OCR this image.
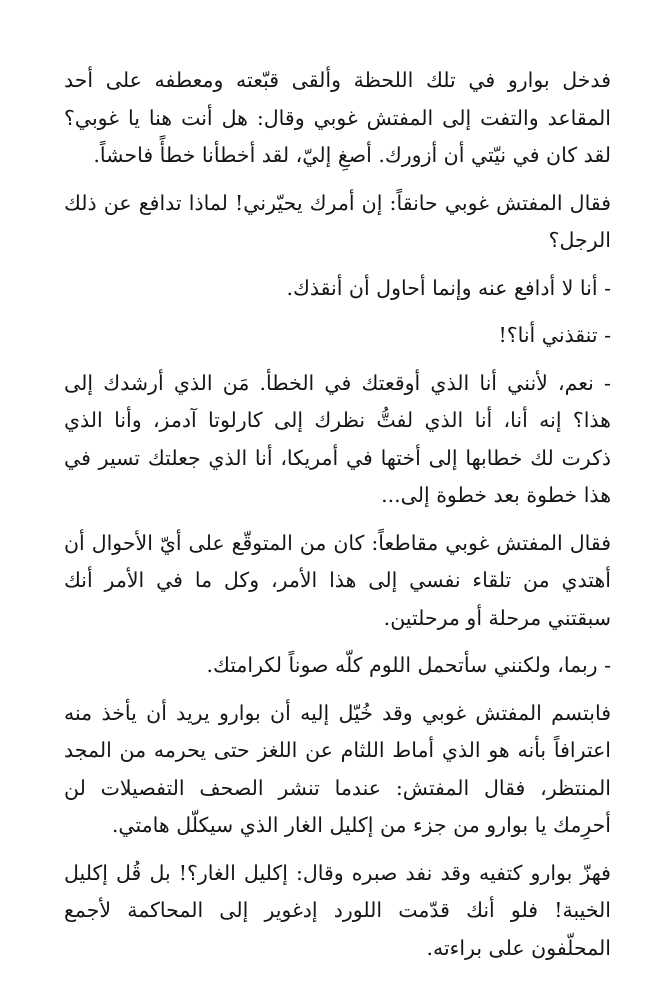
فدخل بوارو في تلك اللحظة وألقى قبّعته ومعطفه على أحد المقاعد والتفت إلى المفتش غوبي وقال: هل أنت هنا يا غوبي؟ لقد كان في نيّتي أن أزورك. أصغِ إليّ، لقد أخطأنا خطأً فاحشاً.

فقال المفتش غوبي حانقاً: إن أمرك يحيّرني! لماذا تدافع عن ذلك الرجل؟

- أنا لا أدافع عنه وإنما أحاول أن أنقذك.

- تنقذني أنا؟!

- نعم، لأنني أنا الذي أوقعتك في الخطأ. مَن الذي أرشدك إلى هذا؟ إنه أنا، أنا الذي لفتُّ نظرك إلى كارلوتا آدمز، وأنا الذي ذكرت لك خطابها إلى أختها في أمريكا، أنا الذي جعلتك تسير في هذا خطوة بعد خطوة إلى...

فقال المفتش غوبي مقاطعاً: كان من المتوقّع على أيّ الأحوال أن أهتدي من تلقاء نفسي إلى هذا الأمر، وكل ما في الأمر أنك سبقتني مرحلة أو مرحلتين.

- ربما، ولكنني سأتحمل اللوم كلّه صوناً لكرامتك.

فابتسم المفتش غوبي وقد خُيّل إليه أن بوارو يريد أن يأخذ منه اعترافاً بأنه هو الذي أماط اللثام عن اللغز حتى يحرمه من المجد المنتظر، فقال المفتش: عندما تنشر الصحف التفصيلات لن أحرِمك يا بوارو من جزء من إكليل الغار الذي سيكلّل هامتي.

فهزّ بوارو كتفيه وقد نفد صبره وقال: إكليل الغار؟! بل قُل إكليل الخيبة! فلو أنك قدّمت اللورد إدغوير إلى المحاكمة لأجمع المحلّفون على براءته.
